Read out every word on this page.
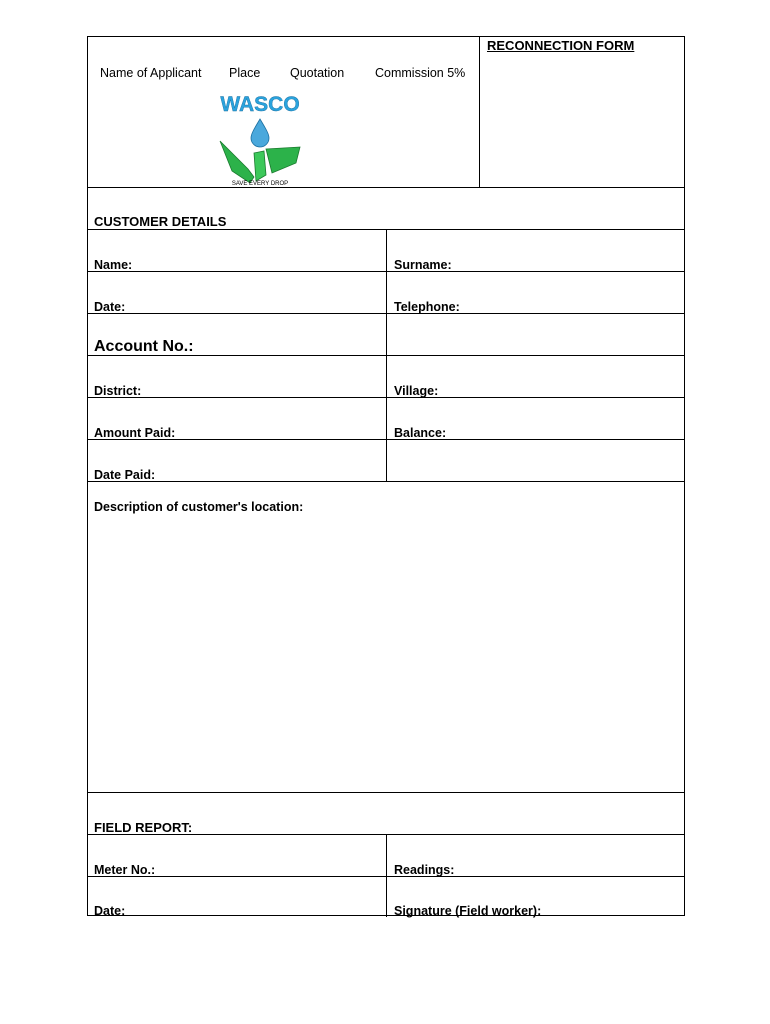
RECONNECTION FORM
Name of Applicant Place Quotation Commission 5%
WASCO
SAVE EVERY DROP
CUSTOMER DETAILS
Name:	Surname:
Date:	Telephone:
Account No.:
District:	Village:
Amount Paid:	Balance:
Date Paid:
Description of customer's location:
FIELD REPORT:
Meter No.:	Readings:
Date:	Signature (Field worker):
